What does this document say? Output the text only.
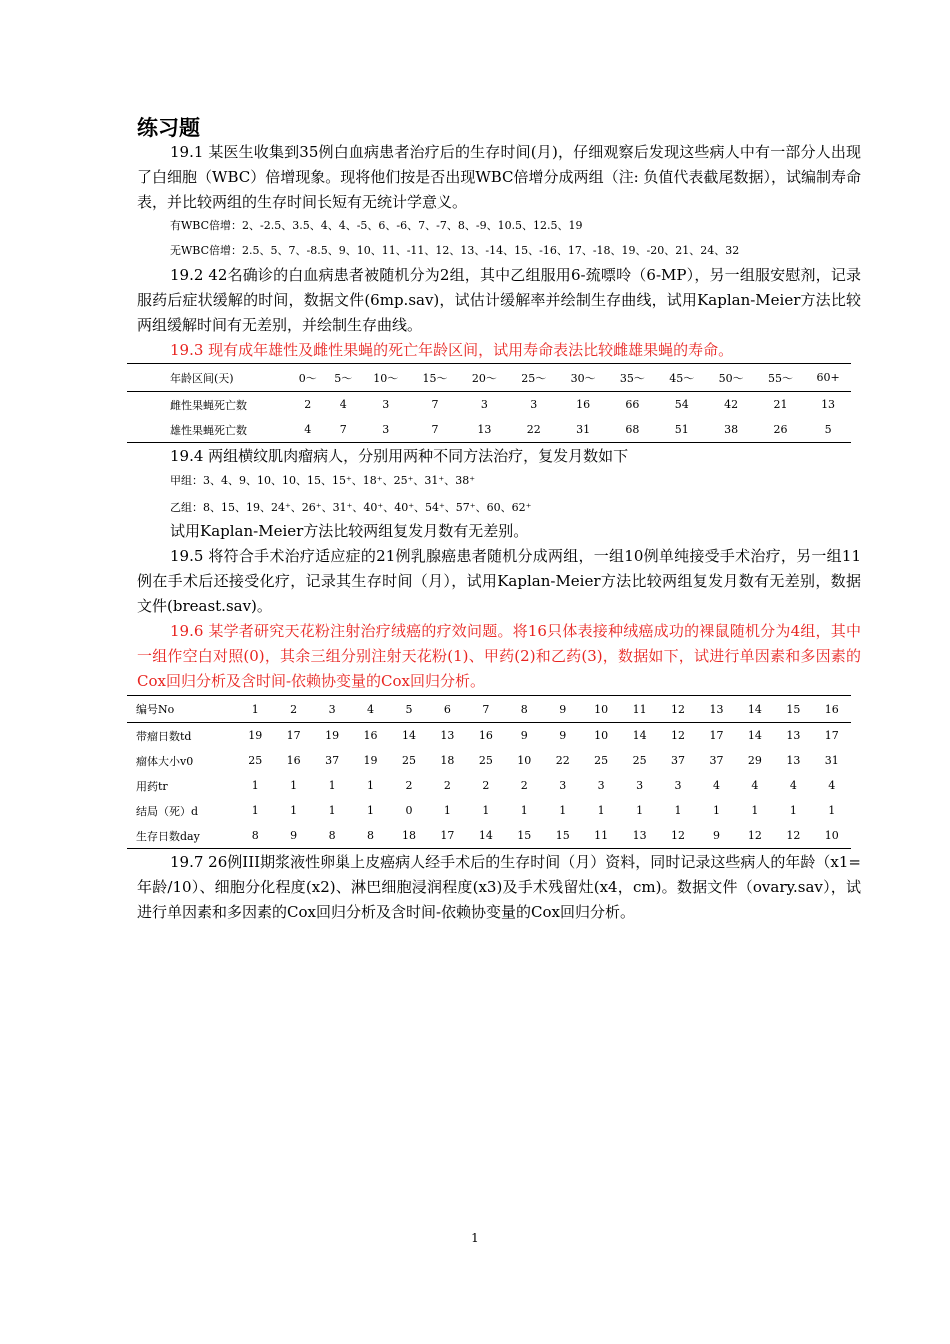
练习题

19.1 某医生收集到35例白血病患者治疗后的生存时间(月)，仔细观察后发现这些病人中有一部分人出现了白细胞（WBC）倍增现象。现将他们按是否出现WBC倍增分成两组（注: 负值代表截尾数据），试编制寿命表，并比较两组的生存时间长短有无统计学意义。

有WBC倍增：2、-2.5、3.5、4、4、-5、6、-6、7、-7、8、-9、10.5、12.5、19
无WBC倍增：2.5、5、7、-8.5、9、10、11、-11、12、13、-14、15、-16、17、-18、19、-20、21、24、32

19.2 42名确诊的白血病患者被随机分为2组，其中乙组服用6-巯嘌呤（6-MP），另一组服安慰剂，记录服药后症状缓解的时间，数据文件(6mp.sav)，试估计缓解率并绘制生存曲线，试用Kaplan-Meier方法比较两组缓解时间有无差别，并绘制生存曲线。

19.3 现有成年雄性及雌性果蝇的死亡年龄区间，试用寿命表法比较雌雄果蝇的寿命。

年龄区间(天)	0～	5～	10～	15～	20～	25～	30～	35～	45～	50～	55～	60+
雌性果蝇死亡数	2	4	3	7	3	3	16	66	54	42	21	13
雄性果蝇死亡数	4	7	3	7	13	22	31	68	51	38	26	5

19.4 两组横纹肌肉瘤病人，分别用两种不同方法治疗，复发月数如下

甲组：3、4、9、10、10、15、15⁺、18⁺、25⁺、31⁺、38⁺
乙组：8、15、19、24⁺、26⁺、31⁺、40⁺、40⁺、54⁺、57⁺、60、62⁺

试用Kaplan-Meier方法比较两组复发月数有无差别。

19.5 将符合手术治疗适应症的21例乳腺癌患者随机分成两组，一组10例单纯接受手术治疗，另一组11例在手术后还接受化疗，记录其生存时间（月），试用Kaplan-Meier方法比较两组复发月数有无差别，数据文件(breast.sav)。

19.6 某学者研究天花粉注射治疗绒癌的疗效问题。将16只体表接种绒癌成功的裸鼠随机分为4组，其中一组作空白对照(0)，其余三组分别注射天花粉(1)、甲药(2)和乙药(3)，数据如下，试进行单因素和多因素的Cox回归分析及含时间-依赖协变量的Cox回归分析。

编号No	1	2	3	4	5	6	7	8	9	10	11	12	13	14	15	16
带瘤日数td	19	17	19	16	14	13	16	9	9	10	14	12	17	14	13	17
瘤体大小v0	25	16	37	19	25	18	25	10	22	25	25	37	37	29	13	31
用药tr	1	1	1	1	2	2	2	2	3	3	3	3	4	4	4	4
结局（死）d	1	1	1	1	0	1	1	1	1	1	1	1	1	1	1	1
生存日数day	8	9	8	8	18	17	14	15	15	11	13	12	9	12	12	10

19.7 26例III期浆液性卵巢上皮癌病人经手术后的生存时间（月）资料，同时记录这些病人的年龄（x1=年龄/10）、细胞分化程度(x2)、淋巴细胞浸润程度(x3)及手术残留灶(x4，cm)。数据文件（ovary.sav），试进行单因素和多因素的Cox回归分析及含时间-依赖协变量的Cox回归分析。

1
